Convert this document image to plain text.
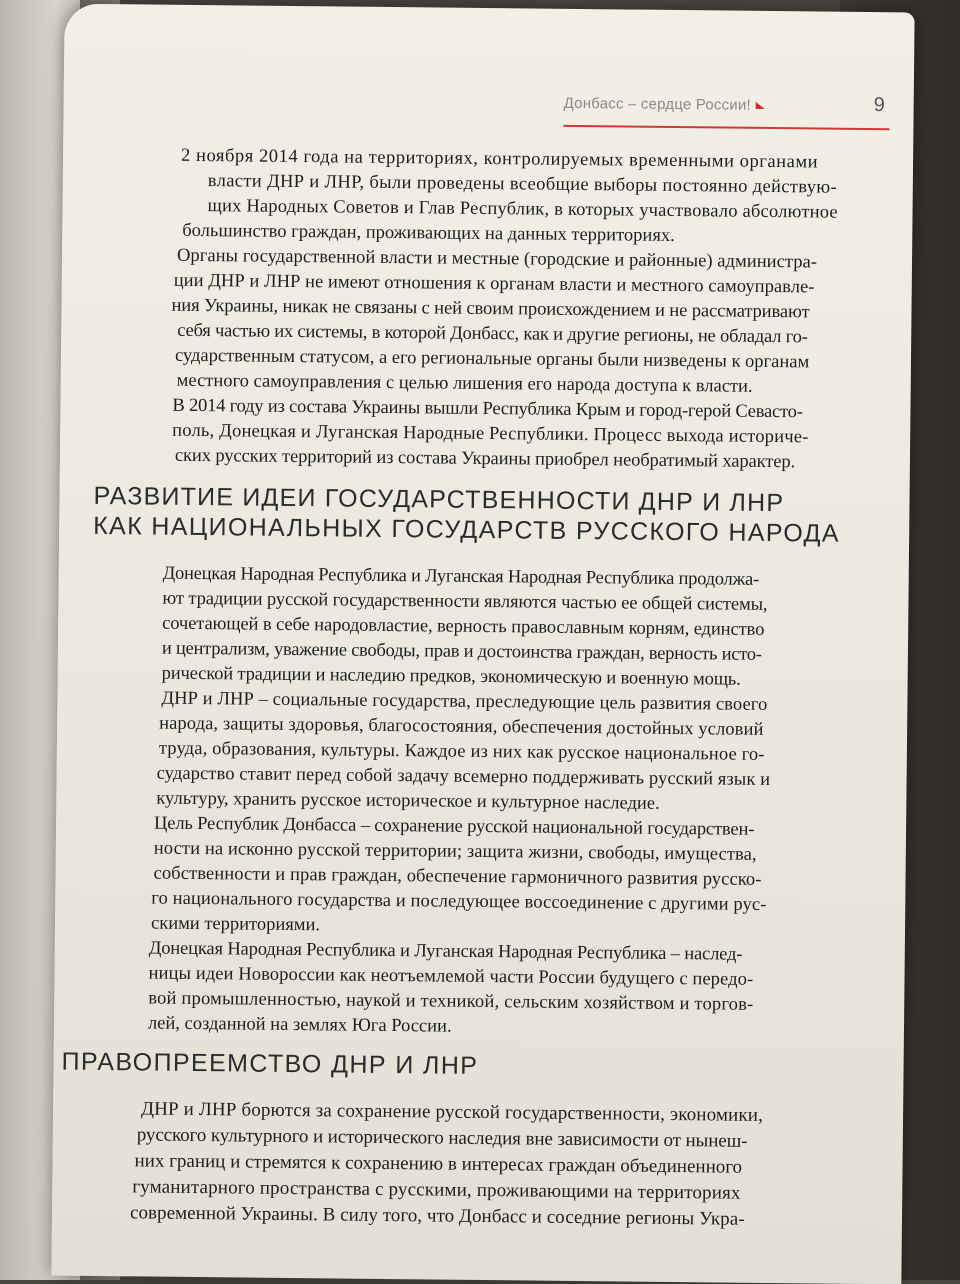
Донбасс – сердце России!	9
2 ноября 2014 года на территориях, контролируемых временными органами
власти ДНР и ЛНР, были проведены всеобщие выборы постоянно действую-
щих Народных Советов и Глав Республик, в которых участвовало абсолютное
большинство граждан, проживающих на данных территориях.
Органы государственной власти и местные (городские и районные) администра-
ции ДНР и ЛНР не имеют отношения к органам власти и местного самоуправле-
ния Украины, никак не связаны с ней своим происхождением и не рассматривают
себя частью их системы, в которой Донбасс, как и другие регионы, не обладал го-
сударственным статусом, а его региональные органы были низведены к органам
местного самоуправления с целью лишения его народа доступа к власти.
В 2014 году из состава Украины вышли Республика Крым и город-герой Севасто-
поль, Донецкая и Луганская Народные Республики. Процесс выхода историче-
ских русских территорий из состава Украины приобрел необратимый характер.
РАЗВИТИЕ ИДЕИ ГОСУДАРСТВЕННОСТИ ДНР И ЛНР
КАК НАЦИОНАЛЬНЫХ ГОСУДАРСТВ РУССКОГО НАРОДА
Донецкая Народная Республика и Луганская Народная Республика продолжа-
ют традиции русской государственности являются частью ее общей системы,
сочетающей в себе народовластие, верность православным корням, единство
и централизм, уважение свободы, прав и достоинства граждан, верность исто-
рической традиции и наследию предков, экономическую и военную мощь.
ДНР и ЛНР – социальные государства, преследующие цель развития своего
народа, защиты здоровья, благосостояния, обеспечения достойных условий
труда, образования, культуры. Каждое из них как русское национальное го-
сударство ставит перед собой задачу всемерно поддерживать русский язык и
культуру, хранить русское историческое и культурное наследие.
Цель Республик Донбасса – сохранение русской национальной государствен-
ности на исконно русской территории; защита жизни, свободы, имущества,
собственности и прав граждан, обеспечение гармоничного развития русско-
го национального государства и последующее воссоединение с другими рус-
скими территориями.
Донецкая Народная Республика и Луганская Народная Республика – наслед-
ницы идеи Новороссии как неотъемлемой части России будущего с передо-
вой промышленностью, наукой и техникой, сельским хозяйством и торгов-
лей, созданной на землях Юга России.
ПРАВОПРЕЕМСТВО ДНР И ЛНР
ДНР и ЛНР борются за сохранение русской государственности, экономики,
русского культурного и исторического наследия вне зависимости от нынеш-
них границ и стремятся к сохранению в интересах граждан объединенного
гуманитарного пространства с русскими, проживающими на территориях
современной Украины. В силу того, что Донбасс и соседние регионы Укра-
